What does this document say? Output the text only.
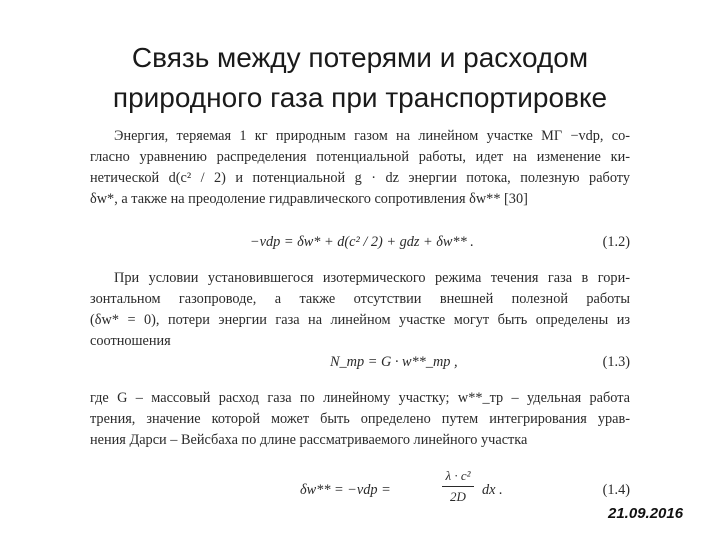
Связь между потерями и расходом
природного газа при транспортировке
Энергия, теряемая 1 кг природным газом на линейном участке МГ −vdp, со-
гласно уравнению распределения потенциальной работы, идет на изменение ки-
нетической d(c² / 2) и потенциальной g · dz энергии потока, полезную работу
δw*, а также на преодоление гидравлического сопротивления δw** [30]
−vdp = δw* + d(c² / 2) + gdz + δw** .	(1.2)
При условии установившегося изотермического режима течения газа в гори-
зонтальном газопроводе, а также отсутствии внешней полезной работы
(δw* = 0), потери энергии газа на линейном участке могут быть определены из
соотношения
N_тр = G · w**_тр ,	(1.3)
где G – массовый расход газа по линейному участку; w**_тр – удельная работа
трения, значение которой может быть определено путем интегрирования урав-
нения Дарси – Вейсбаха по длине рассматриваемого линейного участка
δw** = −vdp =
λ · c²
2D	dx .	(1.4)
21.09.2016
